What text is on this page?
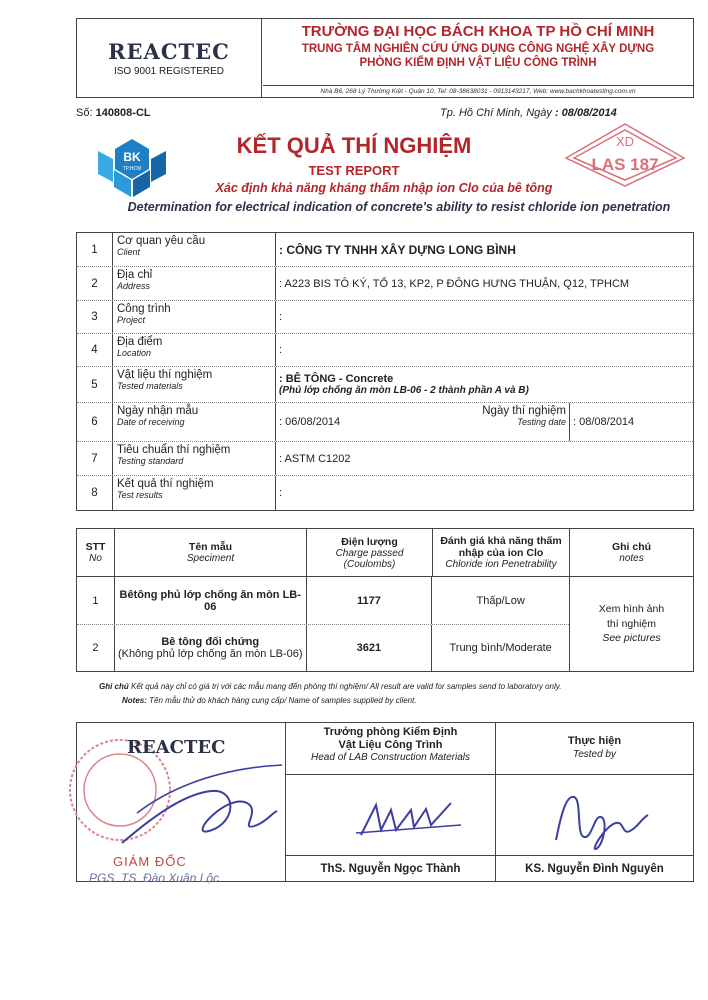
REACTEC
ISO 9001 REGISTERED
TRƯỜNG ĐẠI HỌC BÁCH KHOA TP HỒ CHÍ MINH
TRUNG TÂM NGHIÊN CỨU ỨNG DỤNG CÔNG NGHỆ XÂY DỰNG
PHÒNG KIỂM ĐỊNH VẬT LIỆU CÔNG TRÌNH
Nhà B6, 268 Lý Thường Kiệt - Quận 10, Tel: 08-38638031 - 0913143217, Web: www.bachkhoatesting.com.vn
Số: 140808-CL	Tp. Hồ Chí Minh, Ngày : 08/08/2014
BK
TP.HCM
KẾT QUẢ THÍ NGHIỆM
TEST REPORT
Xác định khả năng kháng thấm nhập ion Clo của bê tông
Determination for electrical indication of concrete's ability to resist chloride ion penetration
XD
LAS 187
1
Cơ quan yêu cầu
Client	: CÔNG TY TNHH XÂY DỰNG LONG BÌNH
2
Địa chỉ
Address	: A223 BIS TÔ KÝ, TỔ 13, KP2, P ĐÔNG HƯNG THUẬN, Q12, TPHCM
3
Công trình
Project	:
4
Địa điểm
Location	:
5
Vật liệu thí nghiệm
Tested materials
: BÊ TÔNG - Concrete
(Phủ lớp chống ăn mòn LB-06 - 2 thành phần A và B)
6
Ngày nhận mẫu
Date of receiving	: 06/08/2014
Ngày thí nghiệm
Testing date : 08/08/2014
7
Tiêu chuẩn thí nghiệm
Testing standard	: ASTM C1202
8
Kết quả thí nghiệm
Test results	:
STT
No
Tên mẫu
Speciment
Điện lượng
Charge passed
(Coulombs)
Đánh giá khả năng thấm nhập của ion Clo
Chloride ion Penetrability
Ghi chú
notes
1	Bêtông phủ lớp chống ăn mòn LB-06	1177	Thấp/Low
2	Bê tông đối chứng
(Không phủ lớp chống ăn mòn LB-06)	3621	Trung bình/Moderate
Xem hình ảnh thí nghiệm
See pictures
Ghi chú Kết quả này chỉ có giá trị với các mẫu mang đến phòng thí nghiệm/ All result are valid for samples send to laboratory only.
Notes: Tên mẫu thử do khách hàng cung cấp/ Name of samples supplied by client.
REACTEC
GIÁM ĐỐC
PGS. TS. Đào Xuân Lộc
Trưởng phòng Kiểm Định
Vật Liệu Công Trình
Head of LAB Construction Materials
ThS. Nguyễn Ngọc Thành
Thực hiện
Tested by
KS. Nguyễn Đình Nguyên
